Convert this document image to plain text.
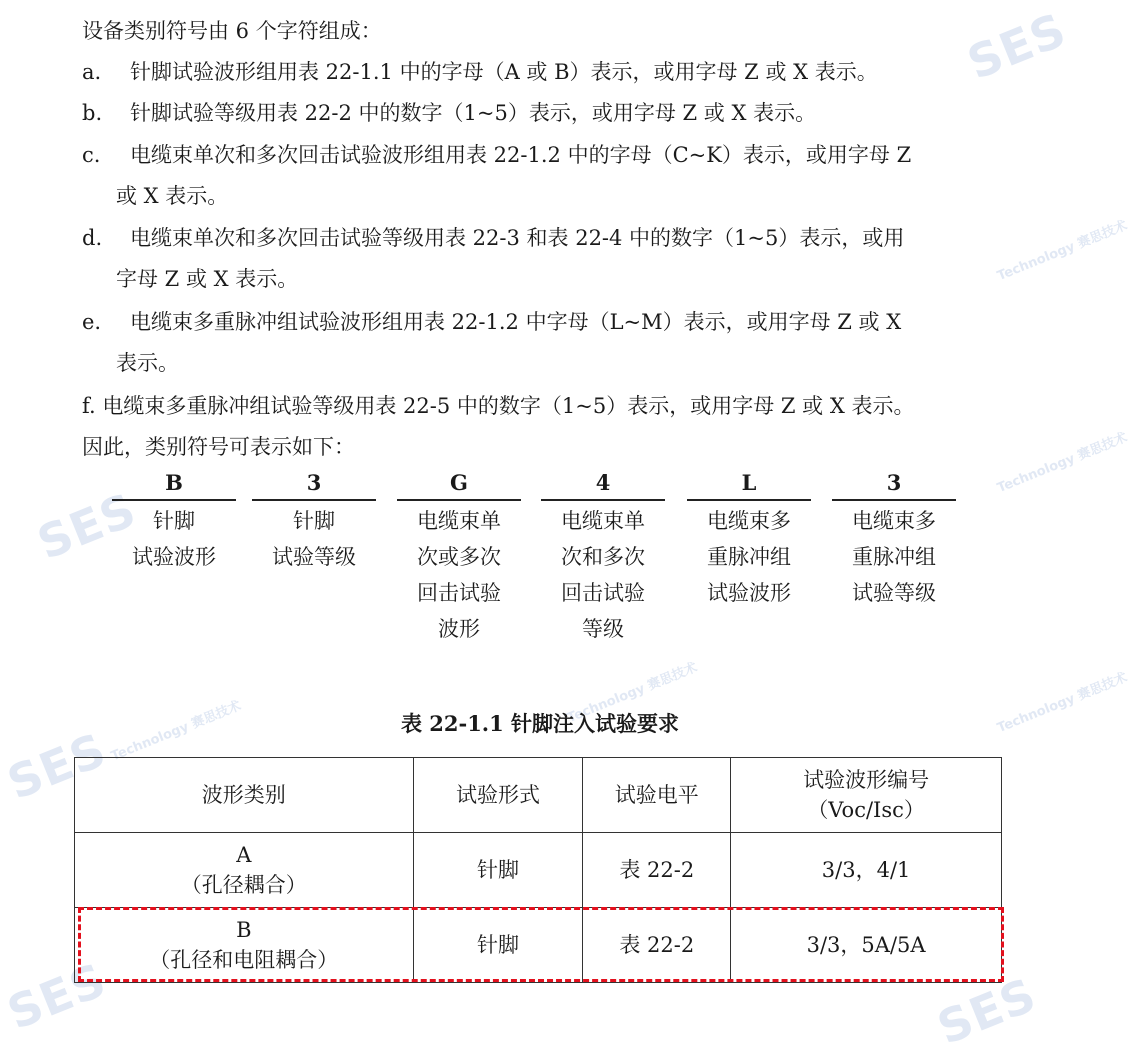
SES
Technology 赛思技术
SES
Technology 赛思技术
SESTechnology 赛思技术
Technology 赛思技术	Technology 赛思技术
SES	SES
设备类别符号由 6 个字符组成：
a. 针脚试验波形组用表 22-1.1 中的字母（A 或 B）表示，或用字母 Z 或 X 表示。
b. 针脚试验等级用表 22-2 中的数字（1~5）表示，或用字母 Z 或 X 表示。
c. 电缆束单次和多次回击试验波形组用表 22-1.2 中的字母（C~K）表示，或用字母 Z
或 X 表示。
d. 电缆束单次和多次回击试验等级用表 22-3 和表 22-4 中的数字（1~5）表示，或用
字母 Z 或 X 表示。
e. 电缆束多重脉冲组试验波形组用表 22-1.2 中字母（L~M）表示，或用字母 Z 或 X
表示。
f. 电缆束多重脉冲组试验等级用表 22-5 中的数字（1~5）表示，或用字母 Z 或 X 表示。
因此，类别符号可表示如下：
B
针脚
试验波形
3
针脚
试验等级
G
电缆束单
次或多次
回击试验
波形
4
电缆束单
次和多次
回击试验
等级
L
电缆束多
重脉冲组
试验波形
3
电缆束多
重脉冲组
试验等级
表 22-1.1 针脚注入试验要求
波形类别	试验形式	试验电平	试验波形编号
（Voc/Isc）

A
（孔径耦合）	针脚	表 22-2	3/3，4/1

B
（孔径和电阻耦合）	针脚	表 22-2	3/3，5A/5A
